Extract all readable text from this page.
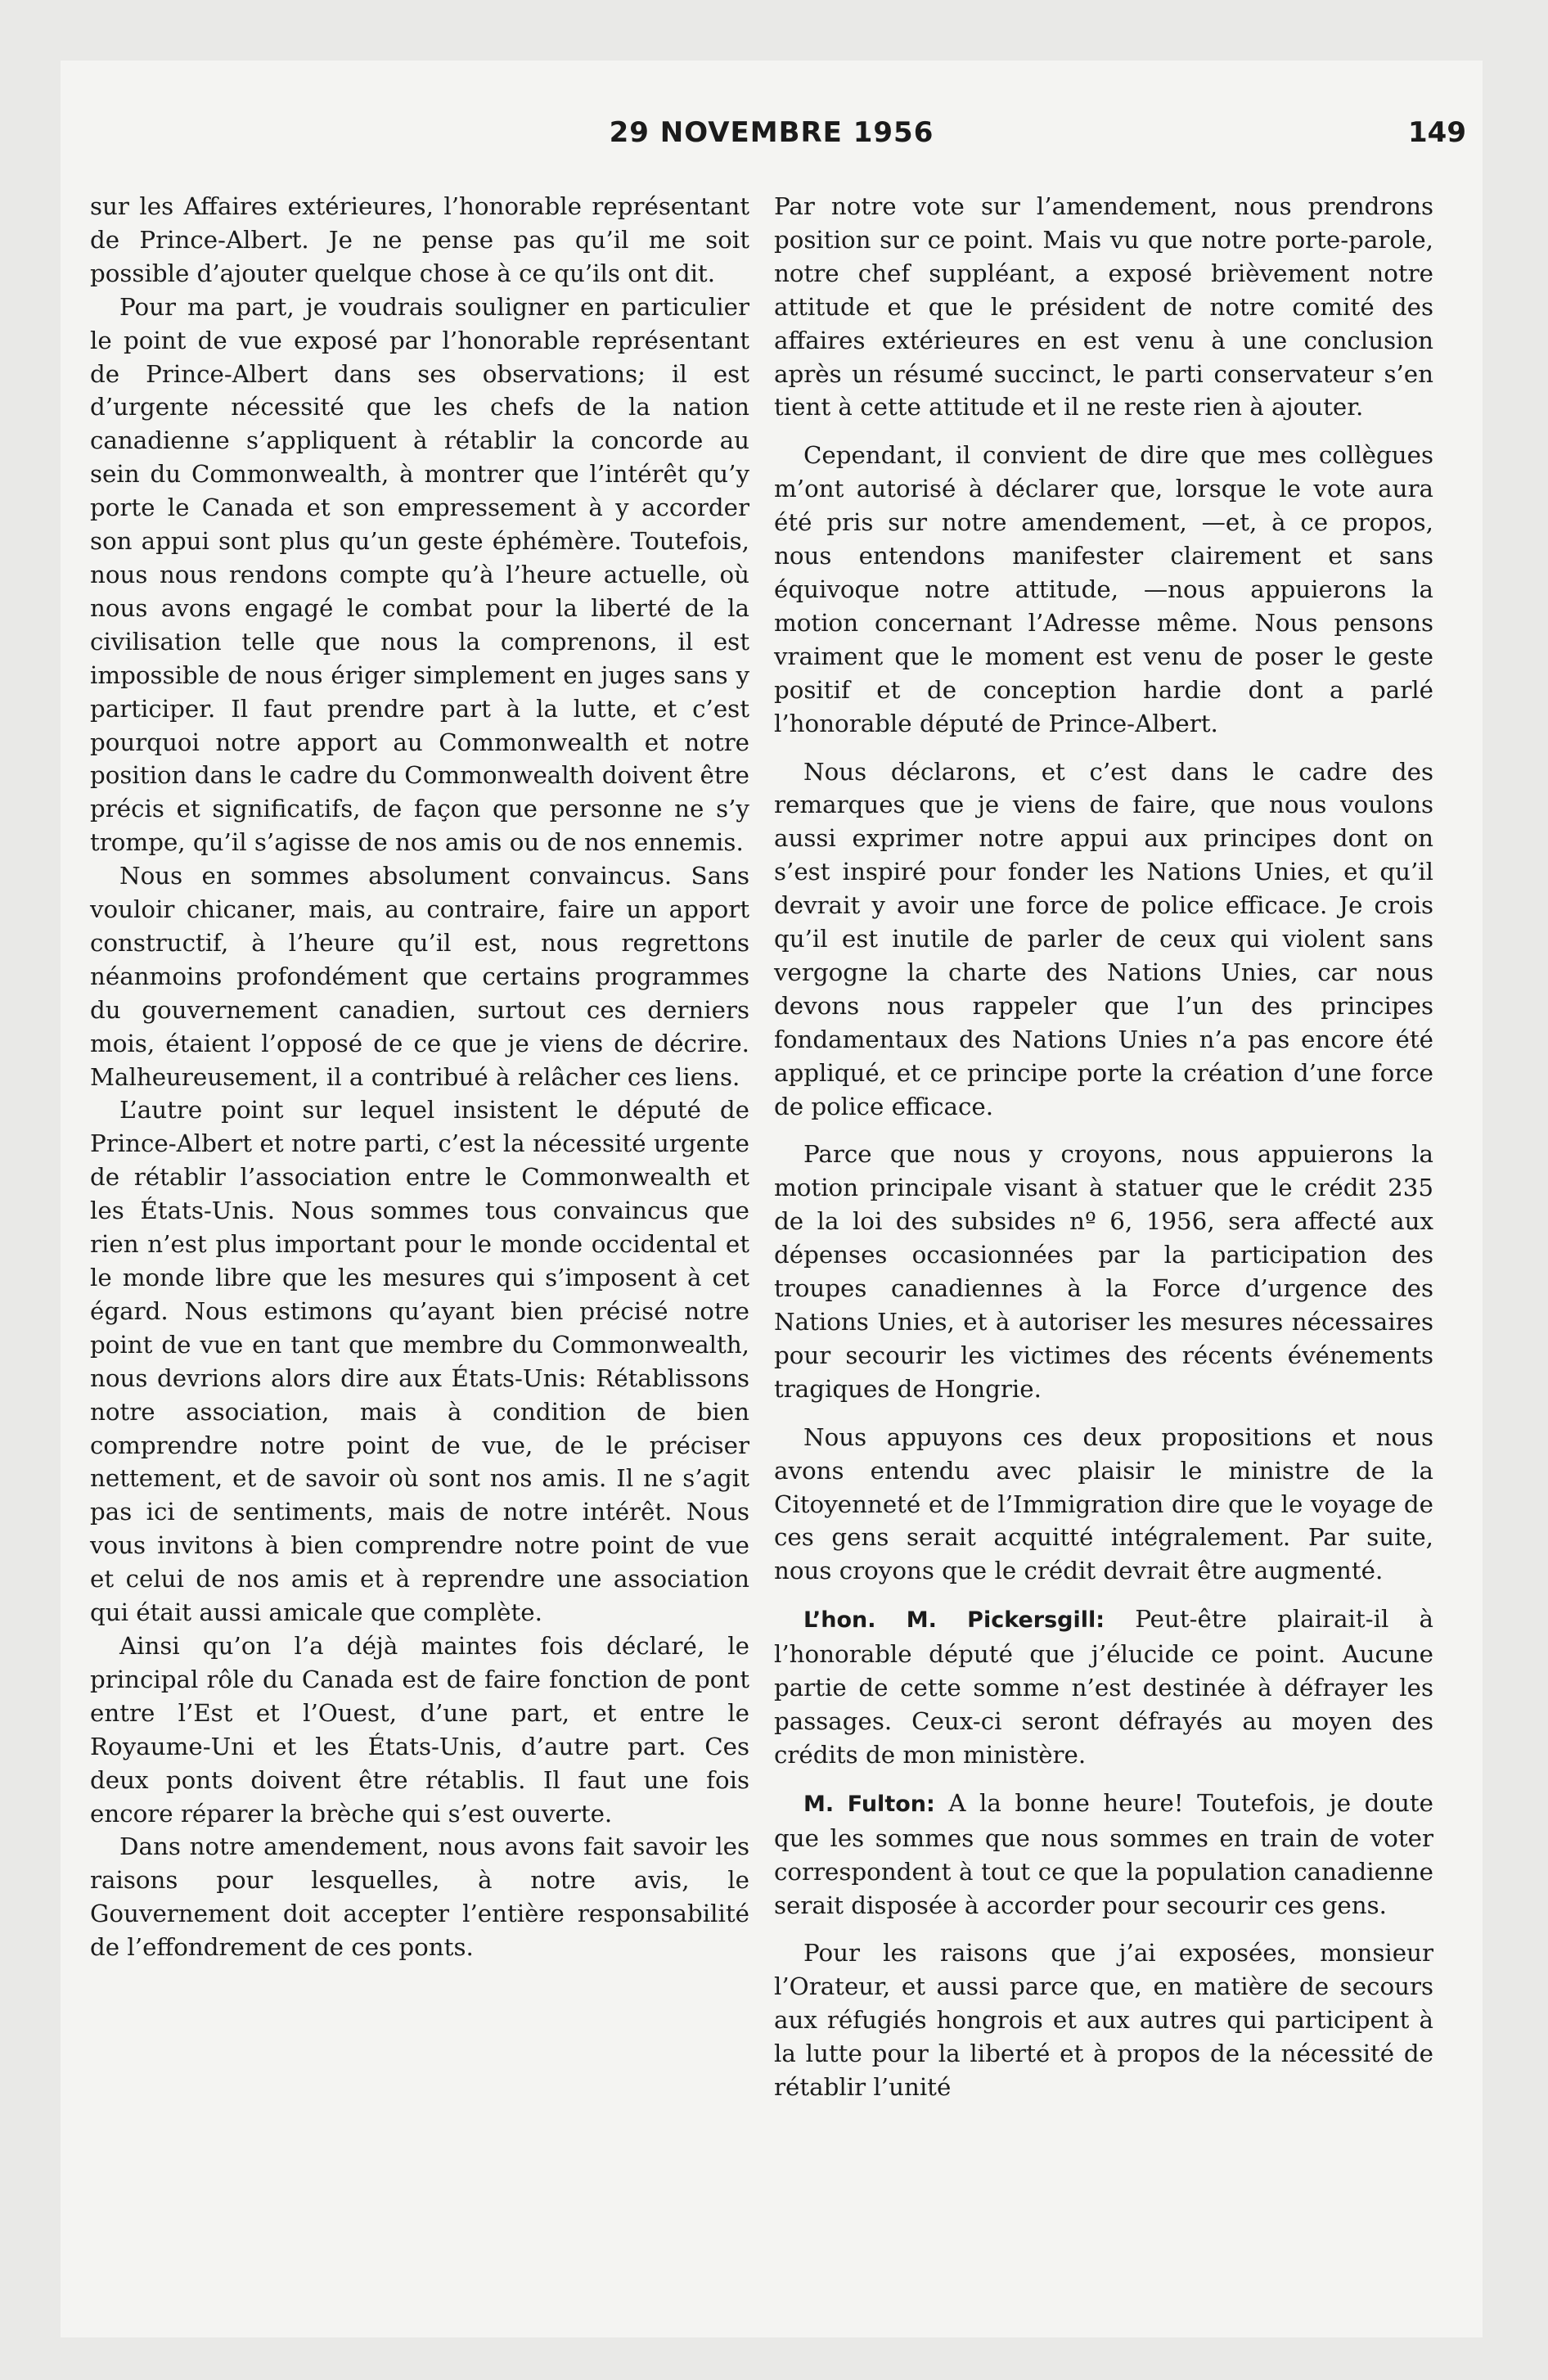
29 NOVEMBRE 1956	149

sur les Affaires extérieures, l’honorable représentant de Prince-Albert. Je ne pense pas qu’il me soit possible d’ajouter quelque chose à ce qu’ils ont dit.

Pour ma part, je voudrais souligner en particulier le point de vue exposé par l’honorable représentant de Prince-Albert dans ses observations; il est d’urgente nécessité que les chefs de la nation canadienne s’appliquent à rétablir la concorde au sein du Commonwealth, à montrer que l’intérêt qu’y porte le Canada et son empressement à y accorder son appui sont plus qu’un geste éphémère. Toutefois, nous nous rendons compte qu’à l’heure actuelle, où nous avons engagé le combat pour la liberté de la civilisation telle que nous la comprenons, il est impossible de nous ériger simplement en juges sans y participer. Il faut prendre part à la lutte, et c’est pourquoi notre apport au Commonwealth et notre position dans le cadre du Commonwealth doivent être précis et significatifs, de façon que personne ne s’y trompe, qu’il s’agisse de nos amis ou de nos ennemis.

Nous en sommes absolument convaincus. Sans vouloir chicaner, mais, au contraire, faire un apport constructif, à l’heure qu’il est, nous regrettons néanmoins profondément que certains programmes du gouvernement canadien, surtout ces derniers mois, étaient l’opposé de ce que je viens de décrire. Malheureusement, il a contribué à relâcher ces liens.

L’autre point sur lequel insistent le député de Prince-Albert et notre parti, c’est la nécessité urgente de rétablir l’association entre le Commonwealth et les États-Unis. Nous sommes tous convaincus que rien n’est plus important pour le monde occidental et le monde libre que les mesures qui s’imposent à cet égard. Nous estimons qu’ayant bien précisé notre point de vue en tant que membre du Commonwealth, nous devrions alors dire aux États-Unis: Rétablissons notre association, mais à condition de bien comprendre notre point de vue, de le préciser nettement, et de savoir où sont nos amis. Il ne s’agit pas ici de sentiments, mais de notre intérêt. Nous vous invitons à bien comprendre notre point de vue et celui de nos amis et à reprendre une association qui était aussi amicale que complète.

Ainsi qu’on l’a déjà maintes fois déclaré, le principal rôle du Canada est de faire fonction de pont entre l’Est et l’Ouest, d’une part, et entre le Royaume-Uni et les États-Unis, d’autre part. Ces deux ponts doivent être rétablis. Il faut une fois encore réparer la brèche qui s’est ouverte.

Dans notre amendement, nous avons fait savoir les raisons pour lesquelles, à notre avis, le Gouvernement doit accepter l’entière responsabilité de l’effondrement de ces ponts.

Par notre vote sur l’amendement, nous prendrons position sur ce point. Mais vu que notre porte-parole, notre chef suppléant, a exposé brièvement notre attitude et que le président de notre comité des affaires extérieures en est venu à une conclusion après un résumé succinct, le parti conservateur s’en tient à cette attitude et il ne reste rien à ajouter.

Cependant, il convient de dire que mes collègues m’ont autorisé à déclarer que, lorsque le vote aura été pris sur notre amendement, —et, à ce propos, nous entendons manifester clairement et sans équivoque notre attitude, —nous appuierons la motion concernant l’Adresse même. Nous pensons vraiment que le moment est venu de poser le geste positif et de conception hardie dont a parlé l’honorable député de Prince-Albert.

Nous déclarons, et c’est dans le cadre des remarques que je viens de faire, que nous voulons aussi exprimer notre appui aux principes dont on s’est inspiré pour fonder les Nations Unies, et qu’il devrait y avoir une force de police efficace. Je crois qu’il est inutile de parler de ceux qui violent sans vergogne la charte des Nations Unies, car nous devons nous rappeler que l’un des principes fondamentaux des Nations Unies n’a pas encore été appliqué, et ce principe porte la création d’une force de police efficace.

Parce que nous y croyons, nous appuierons la motion principale visant à statuer que le crédit 235 de la loi des subsides nº 6, 1956, sera affecté aux dépenses occasionnées par la participation des troupes canadiennes à la Force d’urgence des Nations Unies, et à autoriser les mesures nécessaires pour secourir les victimes des récents événements tragiques de Hongrie.

Nous appuyons ces deux propositions et nous avons entendu avec plaisir le ministre de la Citoyenneté et de l’Immigration dire que le voyage de ces gens serait acquitté intégralement. Par suite, nous croyons que le crédit devrait être augmenté.

L’hon. M. Pickersgill: Peut-être plairait-il à l’honorable député que j’élucide ce point. Aucune partie de cette somme n’est destinée à défrayer les passages. Ceux-ci seront défrayés au moyen des crédits de mon ministère.

M. Fulton: A la bonne heure! Toutefois, je doute que les sommes que nous sommes en train de voter correspondent à tout ce que la population canadienne serait disposée à accorder pour secourir ces gens.

Pour les raisons que j’ai exposées, monsieur l’Orateur, et aussi parce que, en matière de secours aux réfugiés hongrois et aux autres qui participent à la lutte pour la liberté et à propos de la nécessité de rétablir l’unité
